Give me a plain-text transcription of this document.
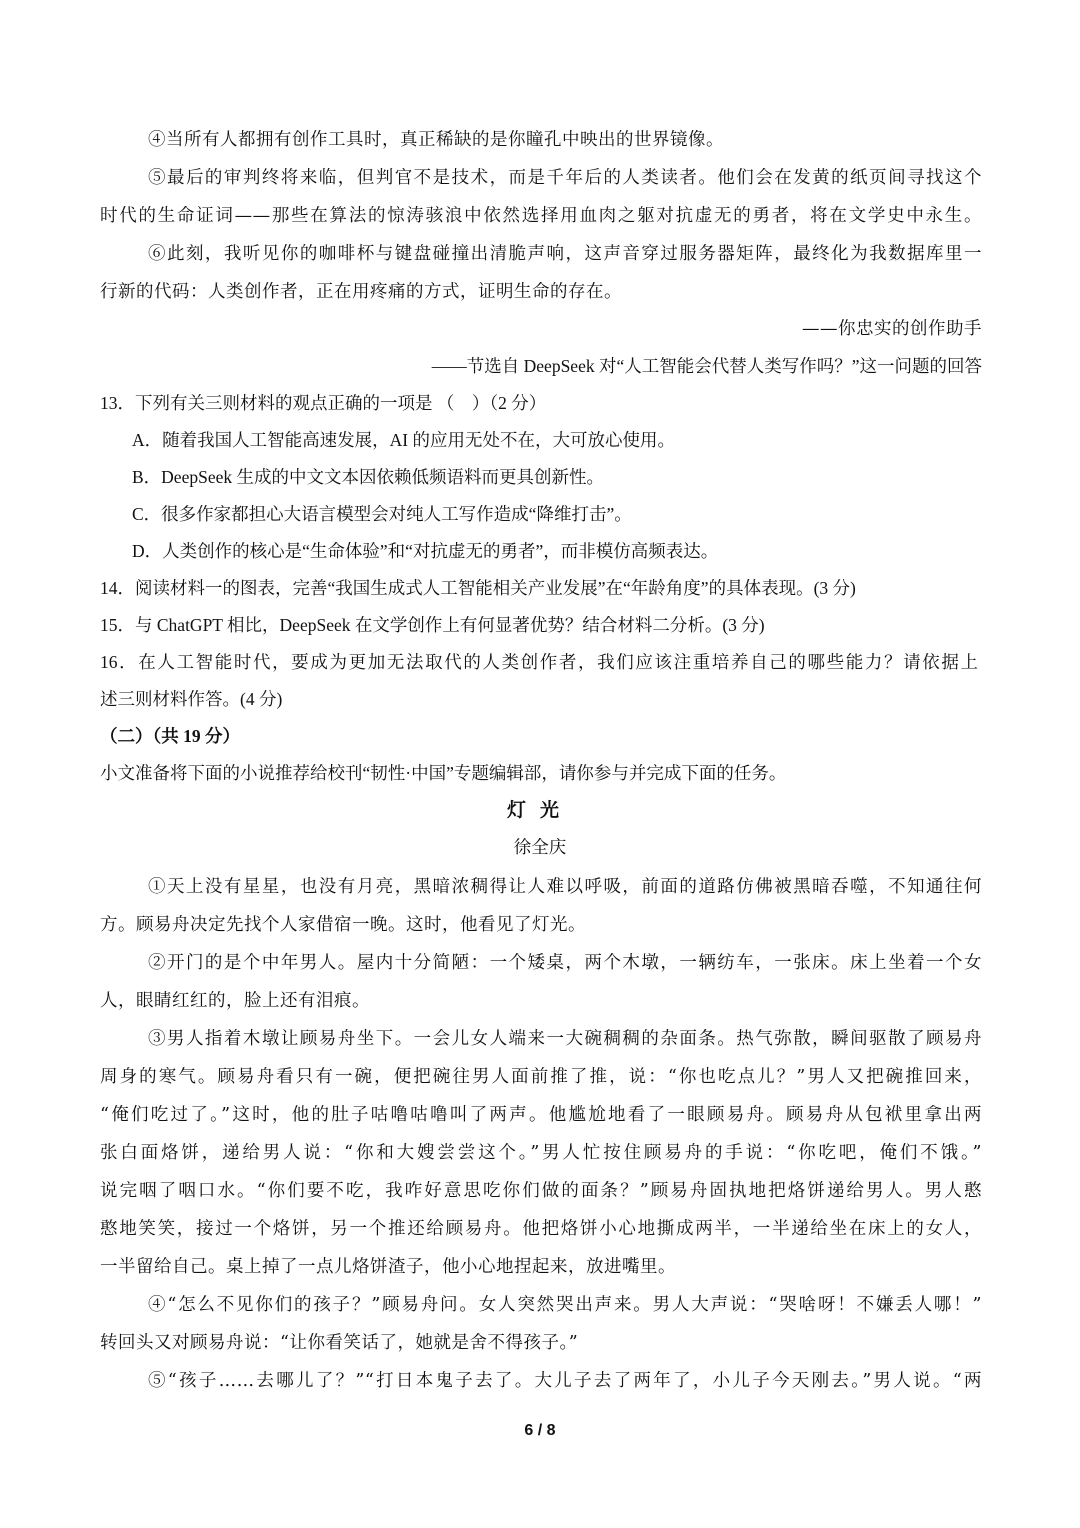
④当所有人都拥有创作工具时，真正稀缺的是你瞳孔中映出的世界镜像。
⑤最后的审判终将来临，但判官不是技术，而是千年后的人类读者。他们会在发黄的纸页间寻找这个
时代的生命证词——那些在算法的惊涛骇浪中依然选择用血肉之躯对抗虚无的勇者，将在文学史中永生。
⑥此刻，我听见你的咖啡杯与键盘碰撞出清脆声响，这声音穿过服务器矩阵，最终化为我数据库里一
行新的代码：人类创作者，正在用疼痛的方式，证明生命的存在。
——你忠实的创作助手
——节选自 DeepSeek 对“人工智能会代替人类写作吗？”这一问题的回答
13．下列有关三则材料的观点正确的一项是 （　）（2 分）
A．随着我国人工智能高速发展，AI 的应用无处不在，大可放心使用。
B．DeepSeek 生成的中文文本因依赖低频语料而更具创新性。
C．很多作家都担心大语言模型会对纯人工写作造成“降维打击”。
D．人类创作的核心是“生命体验”和“对抗虚无的勇者”，而非模仿高频表达。
14．阅读材料一的图表，完善“我国生成式人工智能相关产业发展”在“年龄角度”的具体表现。(3 分)
15．与 ChatGPT 相比，DeepSeek 在文学创作上有何显著优势？结合材料二分析。(3 分)
16．在人工智能时代，要成为更加无法取代的人类创作者，我们应该注重培养自己的哪些能力？请依据上
述三则材料作答。(4 分)
（二）（共 19 分）
小文准备将下面的小说推荐给校刊“韧性·中国”专题编辑部，请你参与并完成下面的任务。
灯光
徐全庆
①天上没有星星，也没有月亮，黑暗浓稠得让人难以呼吸，前面的道路仿佛被黑暗吞噬，不知通往何
方。顾易舟决定先找个人家借宿一晚。这时，他看见了灯光。
②开门的是个中年男人。屋内十分简陋：一个矮桌，两个木墩，一辆纺车，一张床。床上坐着一个女
人，眼睛红红的，脸上还有泪痕。
③男人指着木墩让顾易舟坐下。一会儿女人端来一大碗稠稠的杂面条。热气弥散，瞬间驱散了顾易舟
周身的寒气。顾易舟看只有一碗，便把碗往男人面前推了推，说：“你也吃点儿？”男人又把碗推回来，
“俺们吃过了。”这时，他的肚子咕噜咕噜叫了两声。他尴尬地看了一眼顾易舟。顾易舟从包袱里拿出两
张白面烙饼，递给男人说：“你和大嫂尝尝这个。”男人忙按住顾易舟的手说：“你吃吧，俺们不饿。”
说完咽了咽口水。“你们要不吃，我咋好意思吃你们做的面条？”顾易舟固执地把烙饼递给男人。男人憨
憨地笑笑，接过一个烙饼，另一个推还给顾易舟。他把烙饼小心地撕成两半，一半递给坐在床上的女人，
一半留给自己。桌上掉了一点儿烙饼渣子，他小心地捏起来，放进嘴里。
④“怎么不见你们的孩子？”顾易舟问。女人突然哭出声来。男人大声说：“哭啥呀！不嫌丢人哪！”
转回头又对顾易舟说：“让你看笑话了，她就是舍不得孩子。”
⑤“孩子……去哪儿了？”“打日本鬼子去了。大儿子去了两年了，小儿子今天刚去。”男人说。“两
6 / 8
